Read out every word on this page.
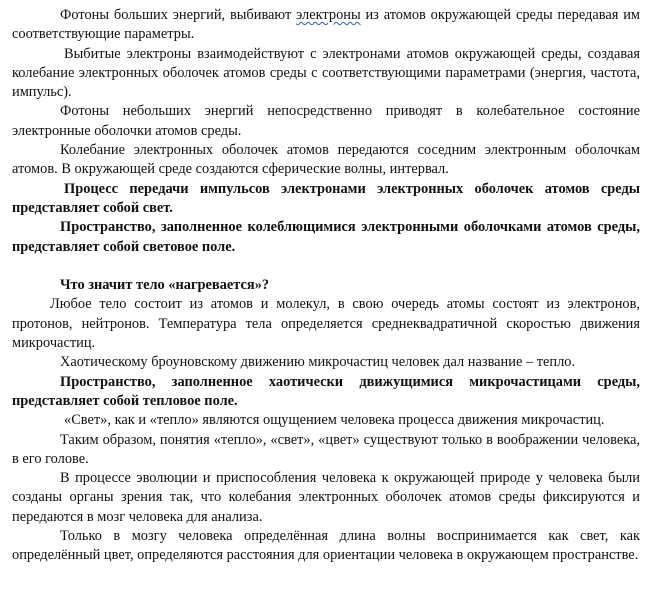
Фотоны больших энергий, выбивают электроны из атомов окружающей среды передавая им соответствующие параметры.

Выбитые электроны взаимодействуют с электронами атомов окружающей среды, создавая колебание электронных оболочек атомов среды с соответствующими параметрами (энергия, частота, импульс).

Фотоны небольших энергий непосредственно приводят в колебательное состояние электронные оболочки атомов среды.

Колебание электронных оболочек атомов передаются соседним электронным оболочкам атомов. В окружающей среде создаются сферические волны, интервал.

Процесс передачи импульсов электронами электронных оболочек атомов среды представляет собой свет.

Пространство, заполненное колеблющимися электронными оболочками атомов среды, представляет собой световое поле.

Что значит тело «нагревается»?

Любое тело состоит из атомов и молекул, в свою очередь атомы состоят из электронов, протонов, нейтронов. Температура тела определяется среднеквадратичной скоростью движения микрочастиц.

Хаотическому броуновскому движению микрочастиц человек дал название – тепло.

Пространство, заполненное хаотически движущимися микрочастицами среды, представляет собой тепловое поле.

«Свет», как и «тепло» являются ощущением человека процесса движения микрочастиц.

Таким образом, понятия «тепло», «свет», «цвет» существуют только в воображении человека, в его голове.

В процессе эволюции и приспособления человека к окружающей природе у человека были созданы органы зрения так, что колебания электронных оболочек атомов среды фиксируются и передаются в мозг человека для анализа.

Только в мозгу человека определённая длина волны воспринимается как свет, как определённый цвет, определяются расстояния для ориентации человека в окружающем пространстве.
